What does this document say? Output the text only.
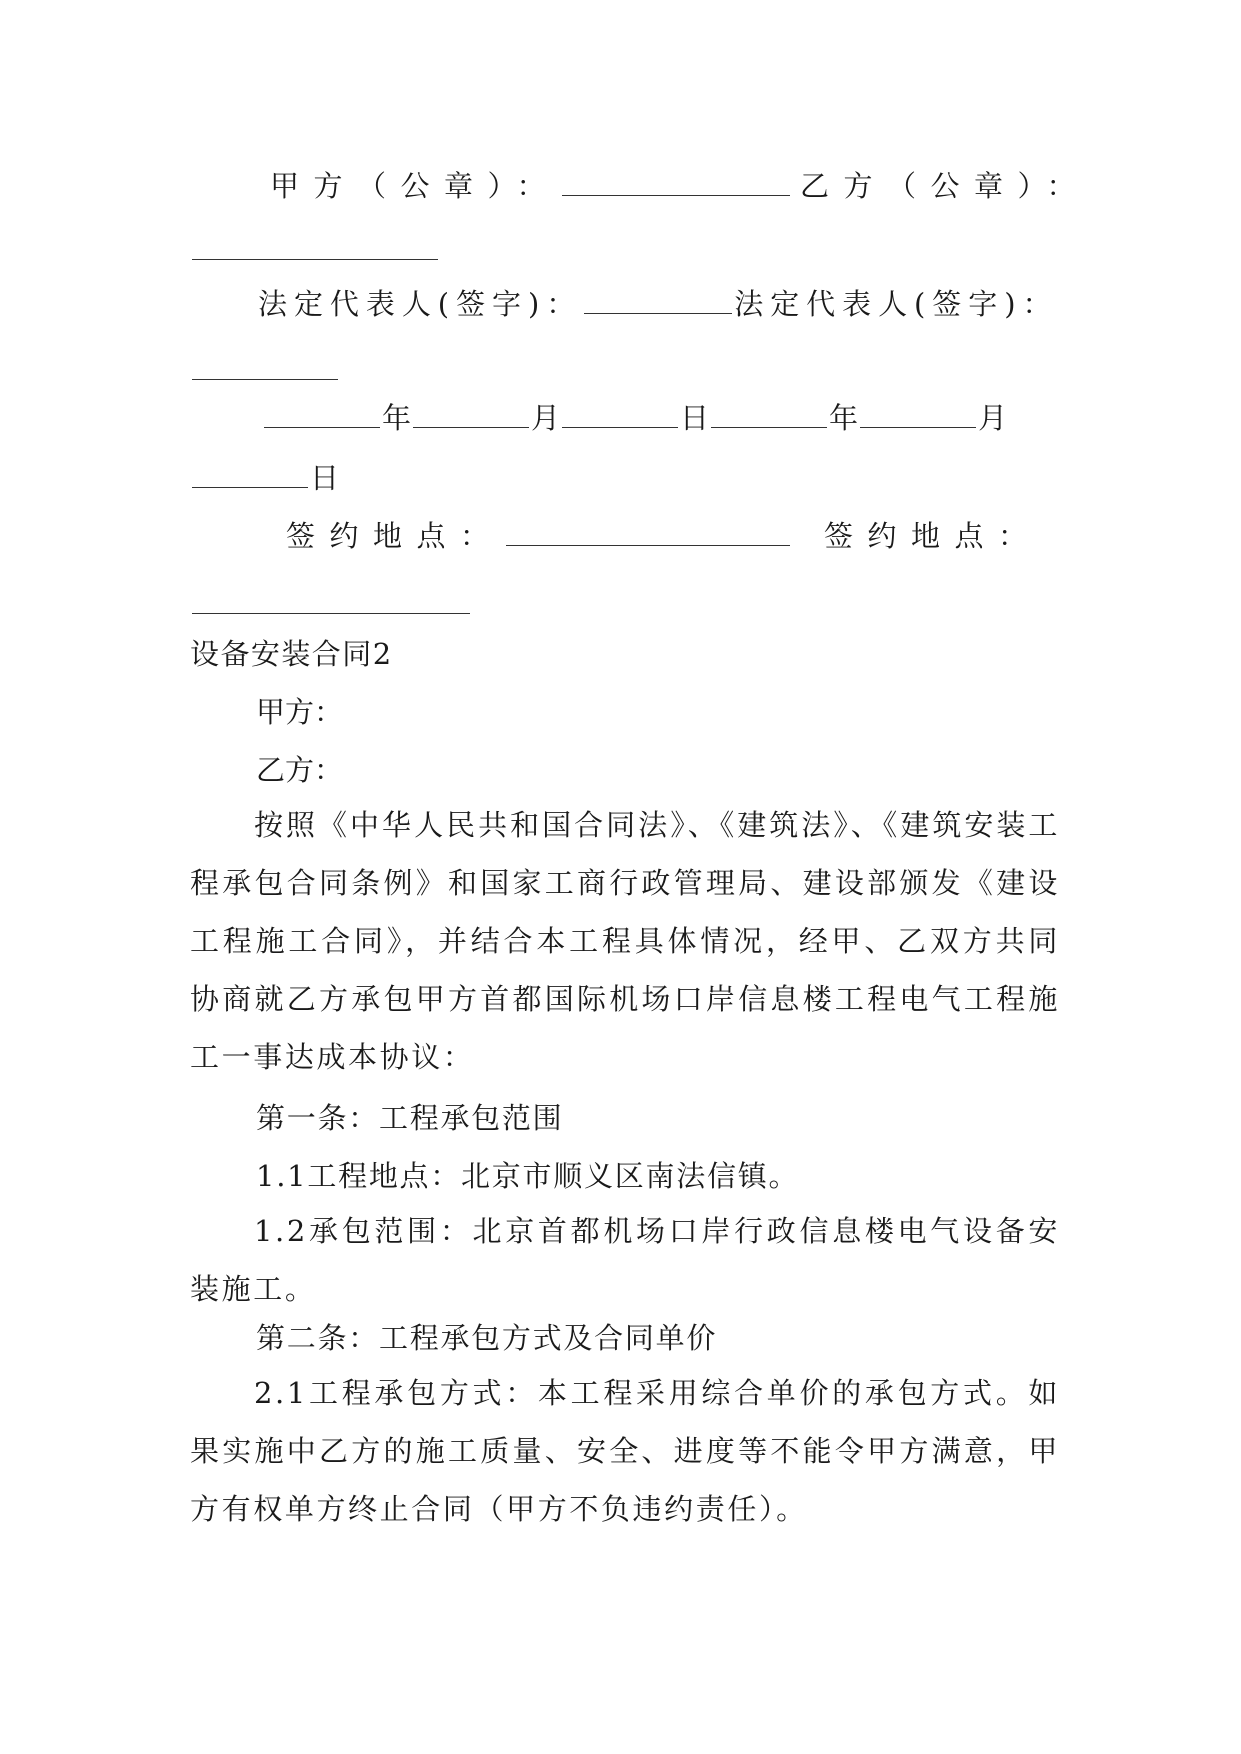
甲方（公章）：	乙方（公章）：
法定代表人(签字)：	法定代表人(签字)：
年	月	日	年	月
日
签约地点：	签约地点：
设备安装合同2
甲方：
乙方：
按照《中华人民共和国合同法》、《建筑法》、《建筑安装工程承包合同条例》和国家工商行政管理局、建设部颁发《建设工程施工合同》，并结合本工程具体情况，经甲、乙双方共同协商就乙方承包甲方首都国际机场口岸信息楼工程电气工程施工一事达成本协议：
第一条：工程承包范围
1.1工程地点：北京市顺义区南法信镇。
1.2承包范围：北京首都机场口岸行政信息楼电气设备安装施工。
第二条：工程承包方式及合同单价
2.1工程承包方式：本工程采用综合单价的承包方式。如果实施中乙方的施工质量、安全、进度等不能令甲方满意，甲方有权单方终止合同（甲方不负违约责任）。
